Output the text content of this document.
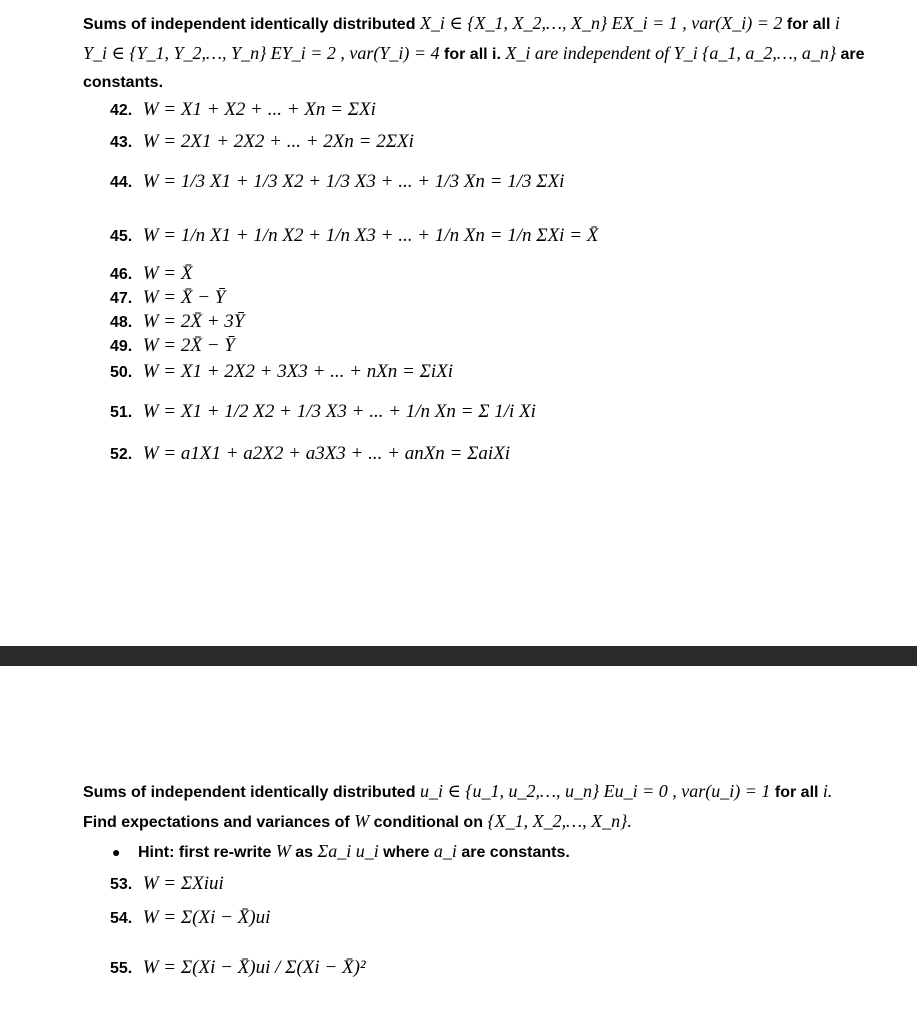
Sums of independent identically distributed X_i ∈ {X_1, X_2,…, X_n} EX_i = 1 , var(X_i) = 2 for all i
Y_i ∈ {Y_1, Y_2,…, Y_n} EY_i = 2 , var(Y_i) = 4 for all i. X_i are independent of Y_i {a_1, a_2,…, a_n} are
constants.
42. W = X1 + X2 + ... + Xn = ΣXi
43. W = 2X1 + 2X2 + ... + 2Xn = 2ΣXi
44. W = 1/3 X1 + 1/3 X2 + 1/3 X3 + ... + 1/3 Xn = 1/3 ΣXi
45. W = 1/n X1 + 1/n X2 + 1/n X3 + ... + 1/n Xn = 1/n ΣXi = X̄
46. W = X̄
47. W = X̄ − Ȳ
48. W = 2X̄ + 3Ȳ
49. W = 2X̄ − Ȳ
50. W = X1 + 2X2 + 3X3 + ... + nXn = ΣiXi
51. W = X1 + 1/2 X2 + 1/3 X3 + ... + 1/n Xn = Σ 1/i Xi
52. W = a1X1 + a2X2 + a3X3 + ... + anXn = ΣaiXi
Sums of independent identically distributed u_i ∈ {u_1, u_2,…, u_n} Eu_i = 0 , var(u_i) = 1 for all i.
Find expectations and variances of W conditional on {X_1, X_2,…, X_n}.
● Hint: first re-write W as Σa_i u_i where a_i are constants.
53. W = ΣXiui
54. W = Σ(Xi − X̄)ui
55. W = Σ(Xi − X̄)ui / Σ(Xi − X̄)²
